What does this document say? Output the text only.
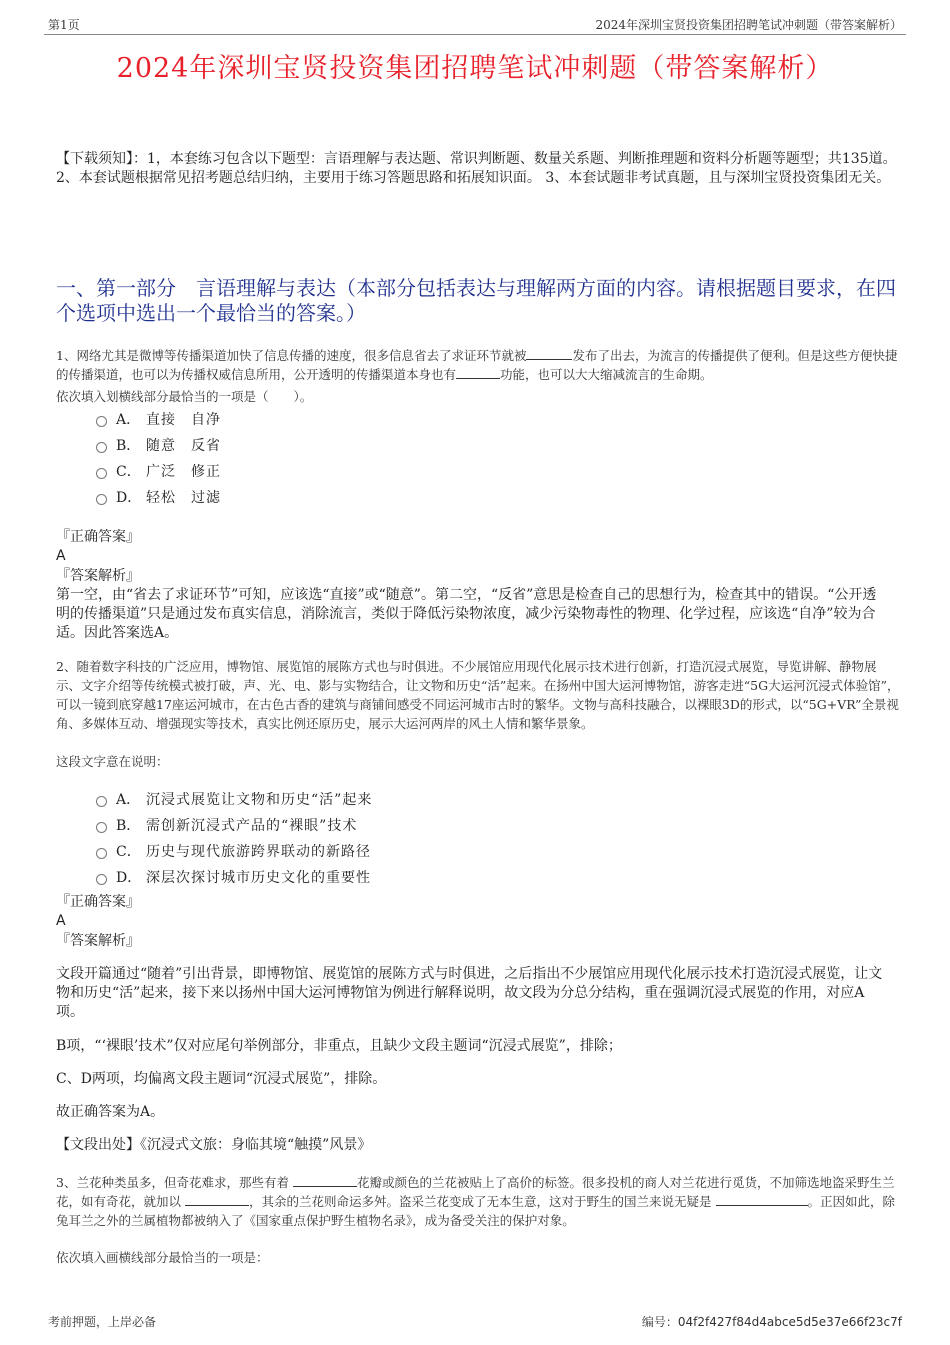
第1页	2024年深圳宝贤投资集团招聘笔试冲刺题（带答案解析）
2024年深圳宝贤投资集团招聘笔试冲刺题（带答案解析）
【下载须知】：1，本套练习包含以下题型：言语理解与表达题、常识判断题、数量关系题、判断推理题和资料分析题等题型；共135道。 2、本套试题根据常见招考题总结归纳，主要用于练习答题思路和拓展知识面。 3、本套试题非考试真题，且与深圳宝贤投资集团无关。
一、第一部分　言语理解与表达（本部分包括表达与理解两方面的内容。请根据题目要求，在四个选项中选出一个最恰当的答案。）
1、网络尤其是微博等传播渠道加快了信息传播的速度，很多信息省去了求证环节就被	发布了出去，为流言的传播提供了便利。但是这些方便快捷的传播渠道，也可以为传播权威信息所用，公开透明的传播渠道本身也有	功能，也可以大大缩减流言的生命期。
依次填入划横线部分最恰当的一项是（　　）。
A． 直接　自净
B． 随意　反省
C． 广泛　修正
D． 轻松　过滤
『正确答案』
A
『答案解析』
第一空，由“省去了求证环节”可知，应该选“直接”或“随意”。第二空，“反省”意思是检查自己的思想行为，检查其中的错误。“公开透明的传播渠道”只是通过发布真实信息，消除流言，类似于降低污染物浓度，减少污染物毒性的物理、化学过程，应该选“自净”较为合适。因此答案选A。
2、随着数字科技的广泛应用，博物馆、展览馆的展陈方式也与时俱进。不少展馆应用现代化展示技术进行创新，打造沉浸式展览，导览讲解、静物展示、文字介绍等传统模式被打破，声、光、电、影与实物结合，让文物和历史“活”起来。在扬州中国大运河博物馆，游客走进“5G大运河沉浸式体验馆”，可以一镜到底穿越17座运河城市，在古色古香的建筑与商铺间感受不同运河城市古时的繁华。文物与高科技融合，以裸眼3D的形式，以“5G+VR”全景视角、多媒体互动、增强现实等技术，真实比例还原历史，展示大运河两岸的风土人情和繁华景象。
这段文字意在说明：
A． 沉浸式展览让文物和历史“活”起来
B． 需创新沉浸式产品的“裸眼”技术
C． 历史与现代旅游跨界联动的新路径
D． 深层次探讨城市历史文化的重要性
『正确答案』
A
『答案解析』
文段开篇通过“随着”引出背景，即博物馆、展览馆的展陈方式与时俱进，之后指出不少展馆应用现代化展示技术打造沉浸式展览，让文物和历史“活”起来，接下来以扬州中国大运河博物馆为例进行解释说明，故文段为分总分结构，重在强调沉浸式展览的作用，对应A项。
B项，“‘裸眼’技术”仅对应尾句举例部分，非重点，且缺少文段主题词“沉浸式展览”，排除；
C、D两项，均偏离文段主题词“沉浸式展览”，排除。
故正确答案为A。
【文段出处】《沉浸式文旅：身临其境“触摸”风景》
3、兰花种类虽多，但奇花难求，那些有着	花瓣或颜色的兰花被贴上了高价的标签。很多投机的商人对兰花进行觅货，不加筛选地盗采野生兰花，如有奇花，就加以	，其余的兰花则命运多舛。盗采兰花变成了无本生意，这对于野生的国兰来说无疑是	。正因如此，除兔耳兰之外的兰属植物都被纳入了《国家重点保护野生植物名录》，成为备受关注的保护对象。
依次填入画横线部分最恰当的一项是：
考前押题，上岸必备	编号：04f2f427f84d4abce5d5e37e66f23c7f
